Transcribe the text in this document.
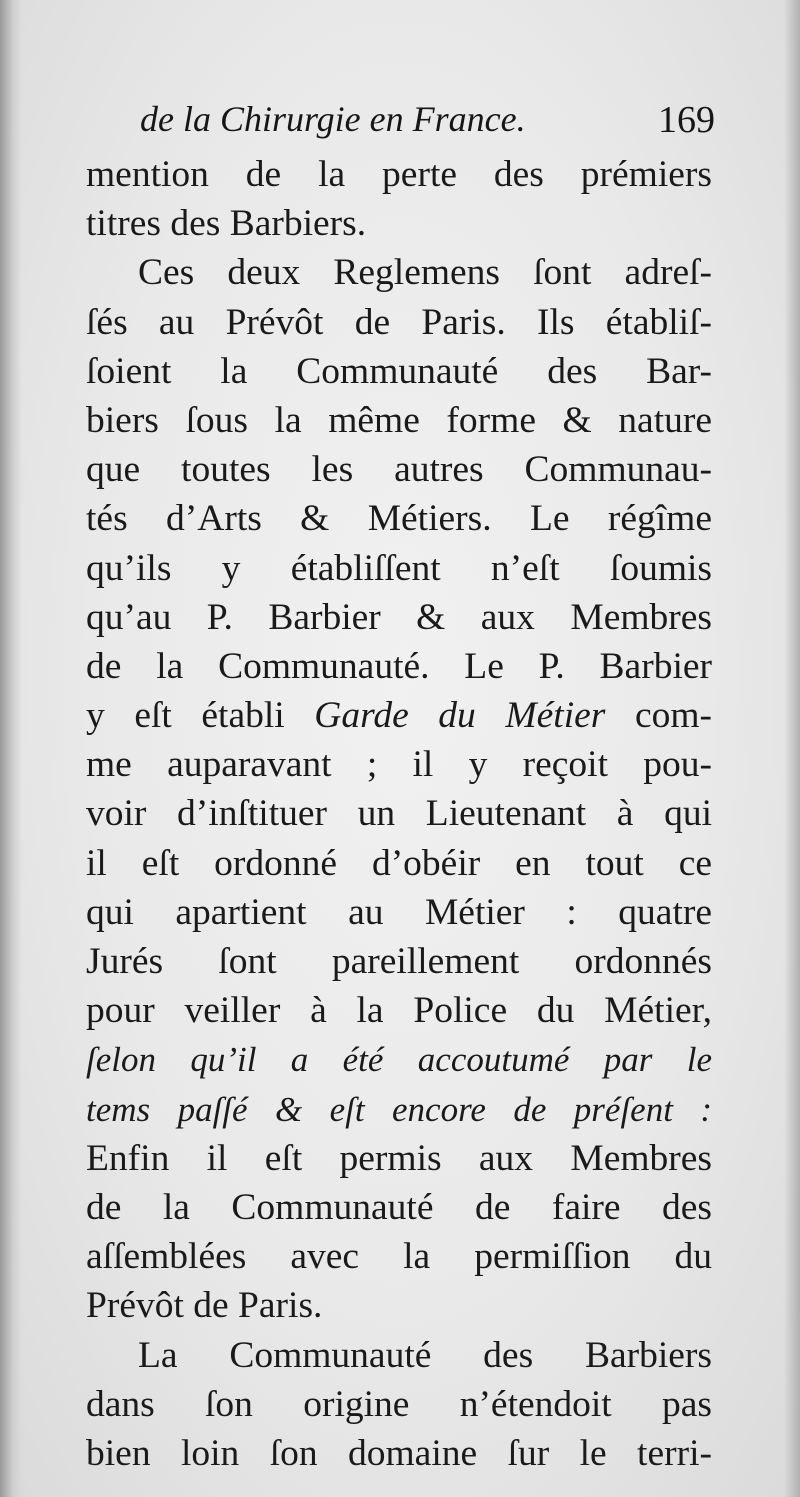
de la Chirurgie en France.	169
mention de la perte des prémiers
titres des Barbiers.
Ces deux Reglemens ſont adreſ-
ſés au Prévôt de Paris. Ils établiſ-
ſoient la Communauté des Bar-
biers ſous la même forme & nature
que toutes les autres Communau-
tés d’Arts & Métiers. Le régîme
qu’ils y établiſſent n’eſt ſoumis
qu’au P. Barbier & aux Membres
de la Communauté. Le P. Barbier
y eſt établi Garde du Métier com-
me auparavant ; il y reçoit pou-
voir d’inſtituer un Lieutenant à qui
il eſt ordonné d’obéir en tout ce
qui apartient au Métier : quatre
Jurés ſont pareillement ordonnés
pour veiller à la Police du Métier,
ſelon qu’il a été accoutumé par le
tems paſſé & eſt encore de préſent :
Enfin il eſt permis aux Membres
de la Communauté de faire des
aſſemblées avec la permiſſion du
Prévôt de Paris.
La Communauté des Barbiers
dans ſon origine n’étendoit pas
bien loin ſon domaine ſur le terri-
